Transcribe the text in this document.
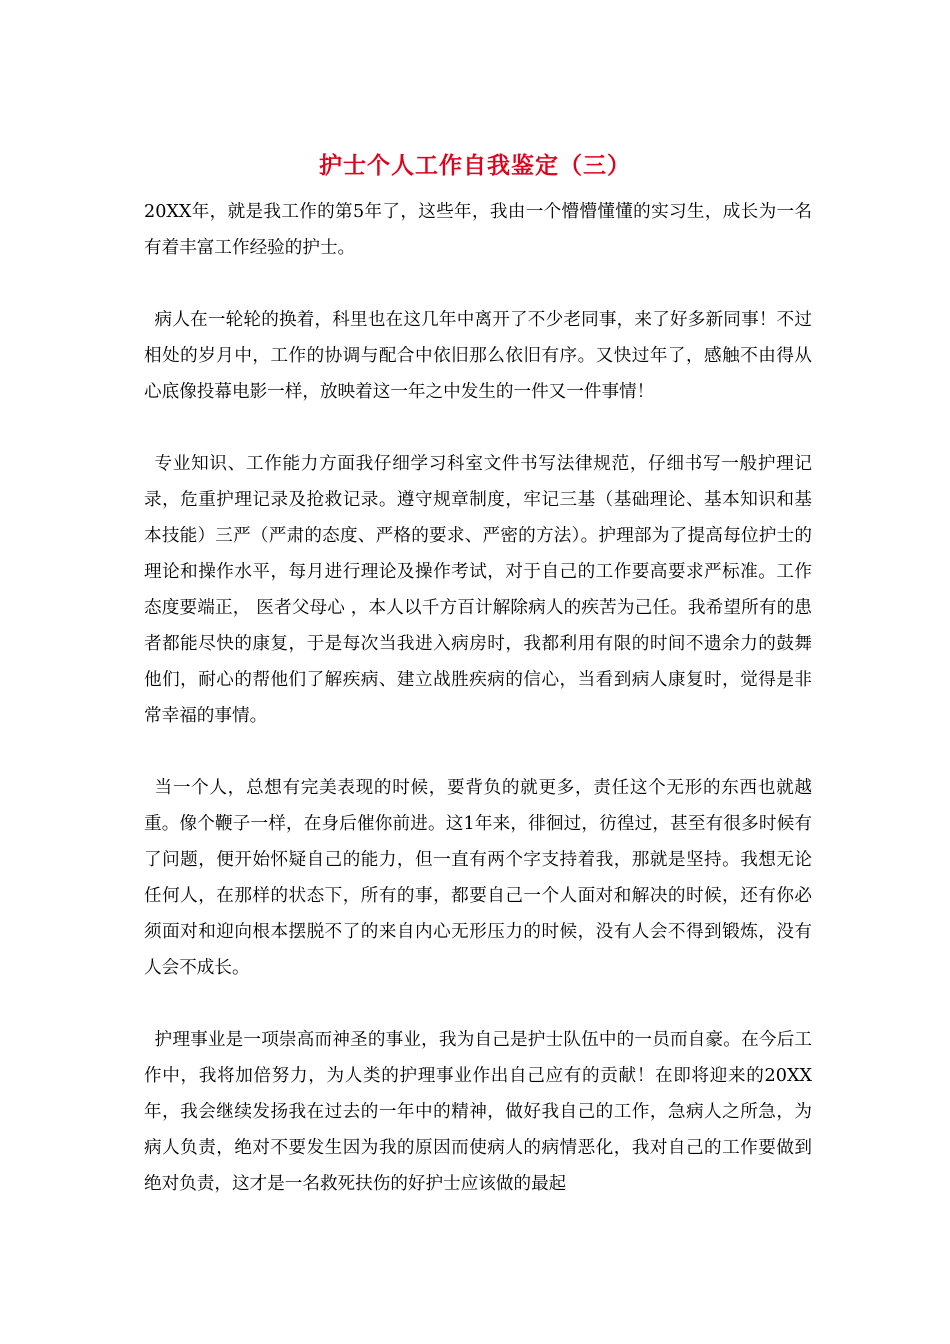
护士个人工作自我鉴定（三）

20XX年，就是我工作的第5年了，这些年，我由一个懵懵懂懂的实习生，成长为一名有着丰富工作经验的护士。

病人在一轮轮的换着，科里也在这几年中离开了不少老同事，来了好多新同事！不过相处的岁月中，工作的协调与配合中依旧那么依旧有序。又快过年了，感触不由得从心底像投幕电影一样，放映着这一年之中发生的一件又一件事情！

专业知识、工作能力方面我仔细学习科室文件书写法律规范，仔细书写一般护理记录，危重护理记录及抢救记录。遵守规章制度，牢记三基（基础理论、基本知识和基本技能）三严（严肃的态度、严格的要求、严密的方法）。护理部为了提高每位护士的理论和操作水平，每月进行理论及操作考试，对于自己的工作要高要求严标准。工作态度要端正， 医者父母心 ，本人以千方百计解除病人的疾苦为己任。我希望所有的患者都能尽快的康复，于是每次当我进入病房时，我都利用有限的时间不遗余力的鼓舞他们，耐心的帮他们了解疾病、建立战胜疾病的信心，当看到病人康复时，觉得是非常幸福的事情。

当一个人，总想有完美表现的时候，要背负的就更多，责任这个无形的东西也就越重。像个鞭子一样，在身后催你前进。这1年来，徘徊过，彷徨过，甚至有很多时候有了问题，便开始怀疑自己的能力，但一直有两个字支持着我，那就是坚持。我想无论任何人，在那样的状态下，所有的事，都要自己一个人面对和解决的时候，还有你必须面对和迎向根本摆脱不了的来自内心无形压力的时候，没有人会不得到锻炼，没有人会不成长。

护理事业是一项崇高而神圣的事业，我为自己是护士队伍中的一员而自豪。在今后工作中，我将加倍努力，为人类的护理事业作出自己应有的贡献！在即将迎来的20XX年，我会继续发扬我在过去的一年中的精神，做好我自己的工作，急病人之所急，为病人负责，绝对不要发生因为我的原因而使病人的病情恶化，我对自己的工作要做到绝对负责，这才是一名救死扶伤的好护士应该做的最起
